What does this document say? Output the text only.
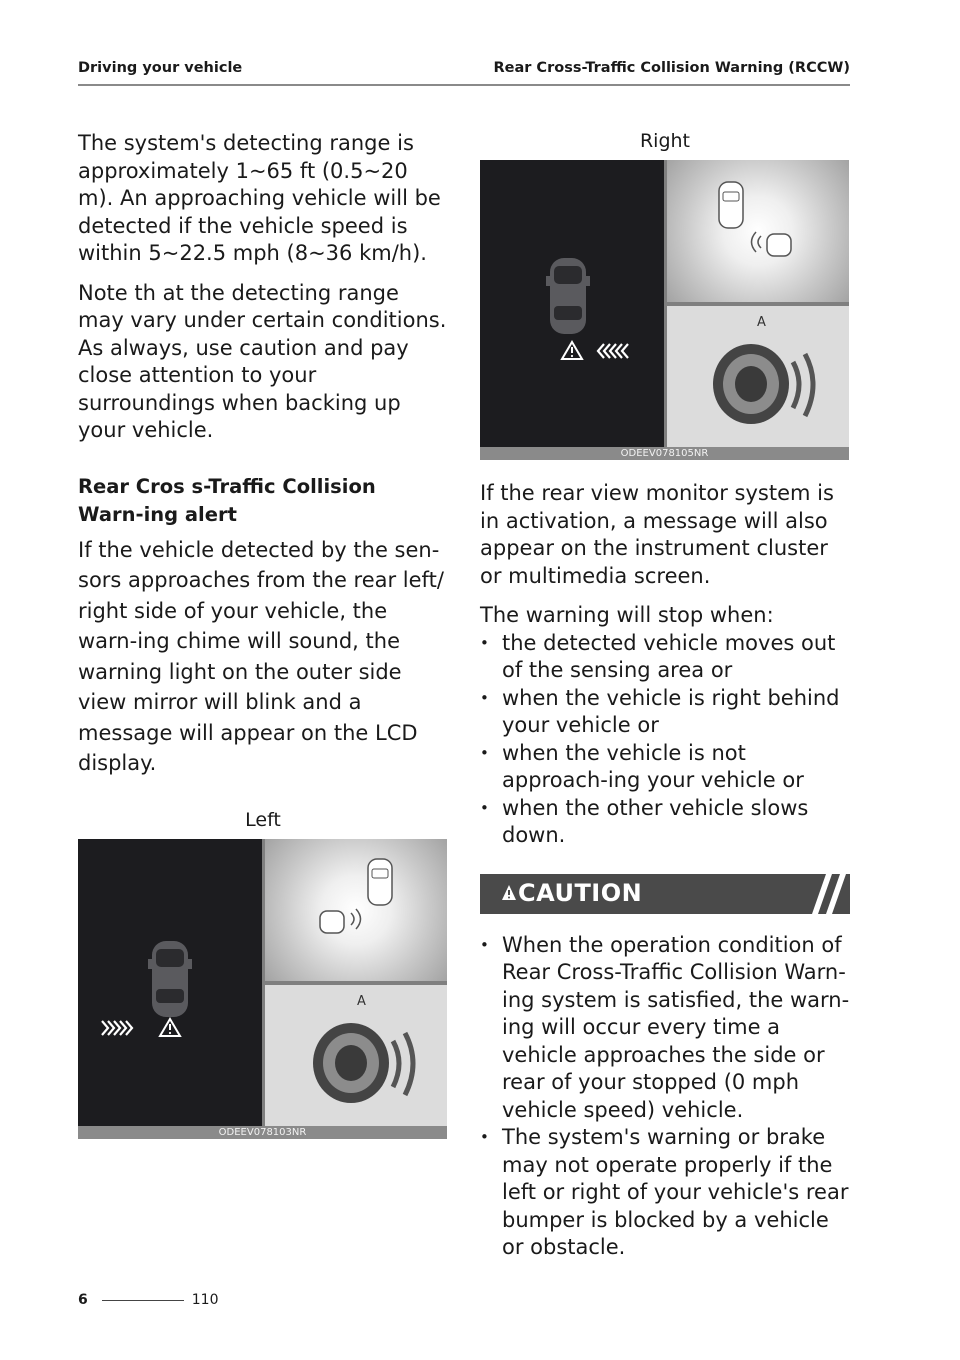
Driving your vehicle	Rear Cross-Traffic Collision Warning (RCCW)

The system's detecting range is approximately 1~65 ft (0.5~20 m). An approaching vehicle will be detected if the vehicle speed is within 5~22.5 mph (8~36 km/h).

Note th at the detecting range may vary under certain conditions. As always, use caution and pay close attention to your surroundings when backing up your vehicle.

Rear Cros s-Traffic Collision Warn-ing alert

If the vehicle detected by the sen-sors approaches from the rear left/ right side of your vehicle, the warn-ing chime will sound, the warning light on the outer side view mirror will blink and a message will appear on the LCD display.

Left
A
ODEEV078103NR
Right
A
ODEEV078105NR

If the rear view monitor system is in activation, a message will also appear on the instrument cluster or multimedia screen.

The warning will stop when:

• the detected vehicle moves out of the sensing area or
• when the vehicle is right behind your vehicle or
• when the vehicle is not approach-ing your vehicle or
• when the other vehicle slows down.
CAUTION
• When the operation condition of Rear Cross-Traffic Collision Warn-ing system is satisfied, the warn-ing will occur every time a vehicle approaches the side or rear of your stopped (0 mph vehicle speed) vehicle.
• The system's warning or brake may not operate properly if the left or right of your vehicle's rear bumper is blocked by a vehicle or obstacle.
6	110
